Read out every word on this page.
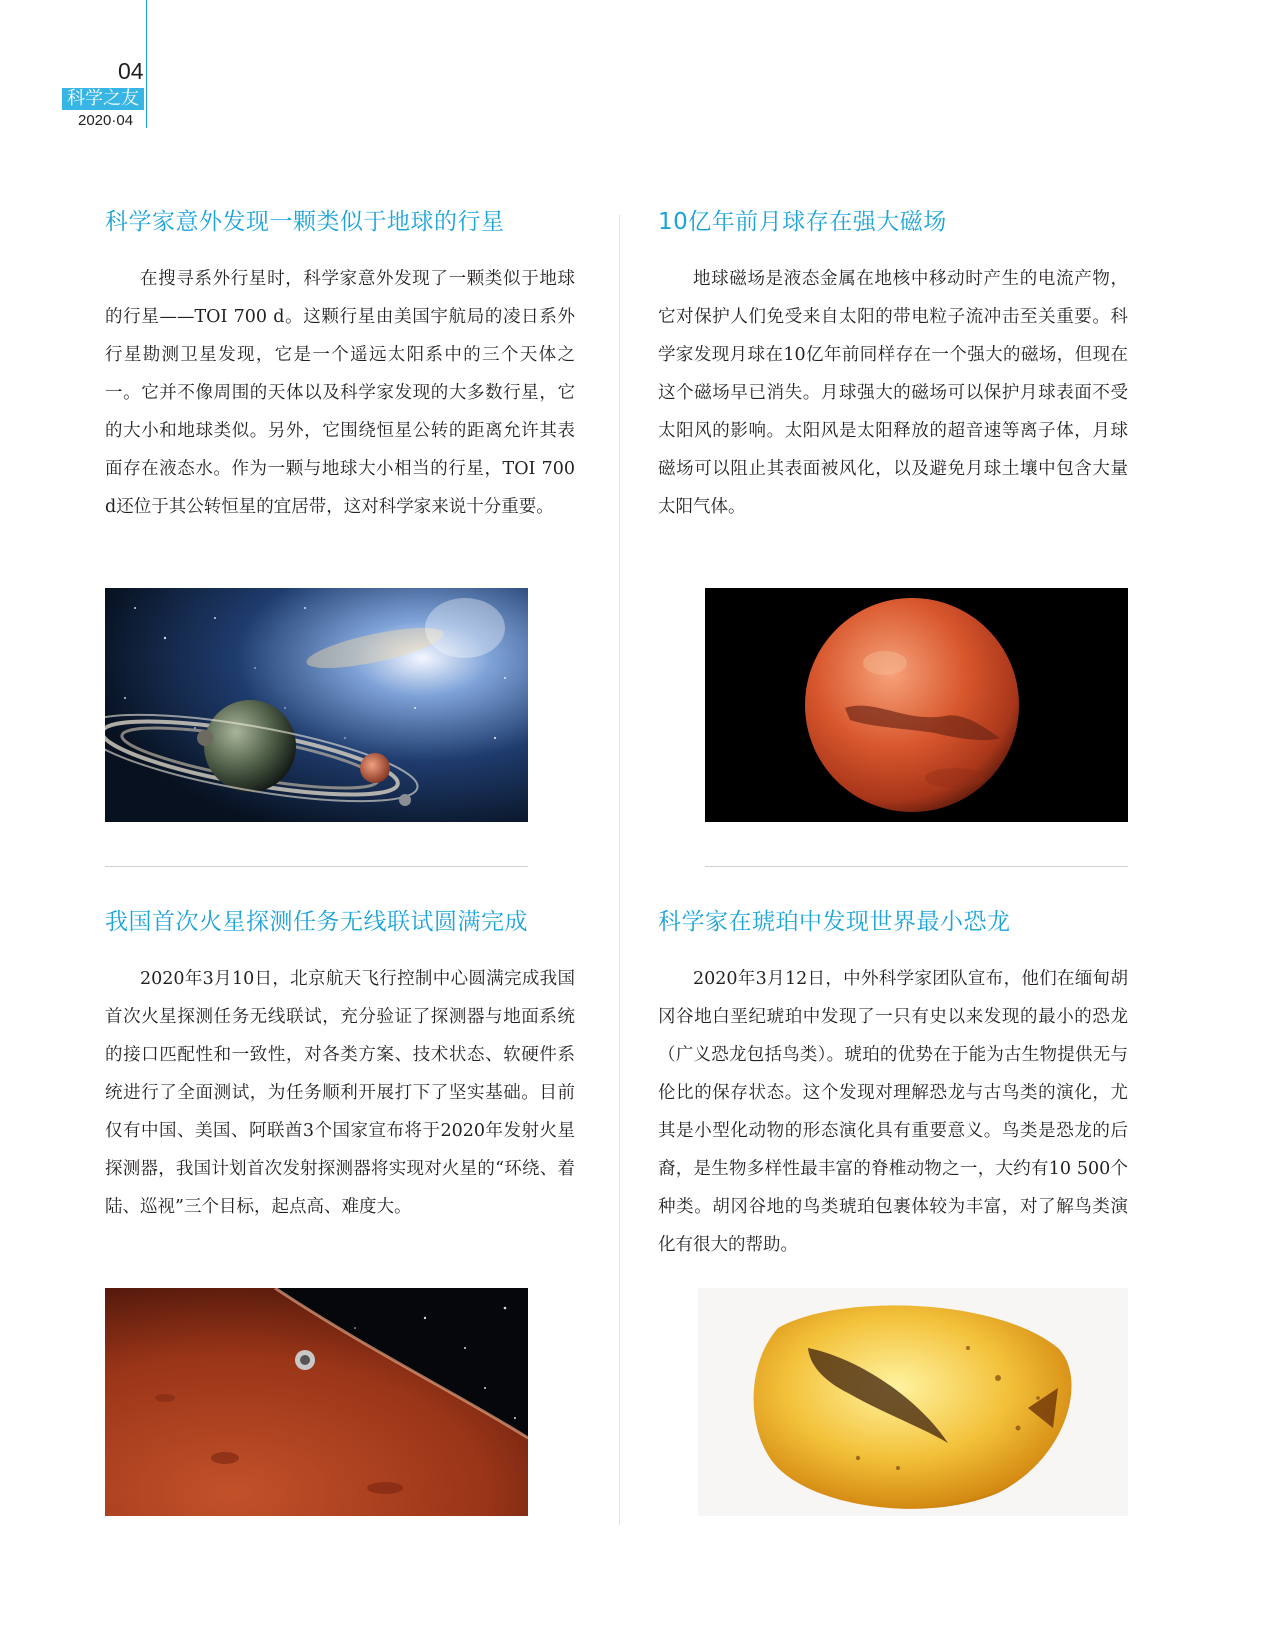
04
科学之友
2020·04
科学家意外发现一颗类似于地球的行星

在搜寻系外行星时，科学家意外发现了一颗类似于地球的行星——TOI 700 d。这颗行星由美国宇航局的凌日系外行星勘测卫星发现，它是一个遥远太阳系中的三个天体之一。它并不像周围的天体以及科学家发现的大多数行星，它的大小和地球类似。另外，它围绕恒星公转的距离允许其表面存在液态水。作为一颗与地球大小相当的行星，TOI 700 d还位于其公转恒星的宜居带，这对科学家来说十分重要。

10亿年前月球存在强大磁场

地球磁场是液态金属在地核中移动时产生的电流产物，它对保护人们免受来自太阳的带电粒子流冲击至关重要。科学家发现月球在10亿年前同样存在一个强大的磁场，但现在这个磁场早已消失。月球强大的磁场可以保护月球表面不受太阳风的影响。太阳风是太阳释放的超音速等离子体，月球磁场可以阻止其表面被风化，以及避免月球土壤中包含大量太阳气体。

我国首次火星探测任务无线联试圆满完成

2020年3月10日，北京航天飞行控制中心圆满完成我国首次火星探测任务无线联试，充分验证了探测器与地面系统的接口匹配性和一致性，对各类方案、技术状态、软硬件系统进行了全面测试，为任务顺利开展打下了坚实基础。目前仅有中国、美国、阿联酋3个国家宣布将于2020年发射火星探测器，我国计划首次发射探测器将实现对火星的“环绕、着陆、巡视”三个目标，起点高、难度大。

科学家在琥珀中发现世界最小恐龙

2020年3月12日，中外科学家团队宣布，他们在缅甸胡冈谷地白垩纪琥珀中发现了一只有史以来发现的最小的恐龙（广义恐龙包括鸟类）。琥珀的优势在于能为古生物提供无与伦比的保存状态。这个发现对理解恐龙与古鸟类的演化，尤其是小型化动物的形态演化具有重要意义。鸟类是恐龙的后裔，是生物多样性最丰富的脊椎动物之一，大约有10 500个种类。胡冈谷地的鸟类琥珀包裹体较为丰富，对了解鸟类演化有很大的帮助。
